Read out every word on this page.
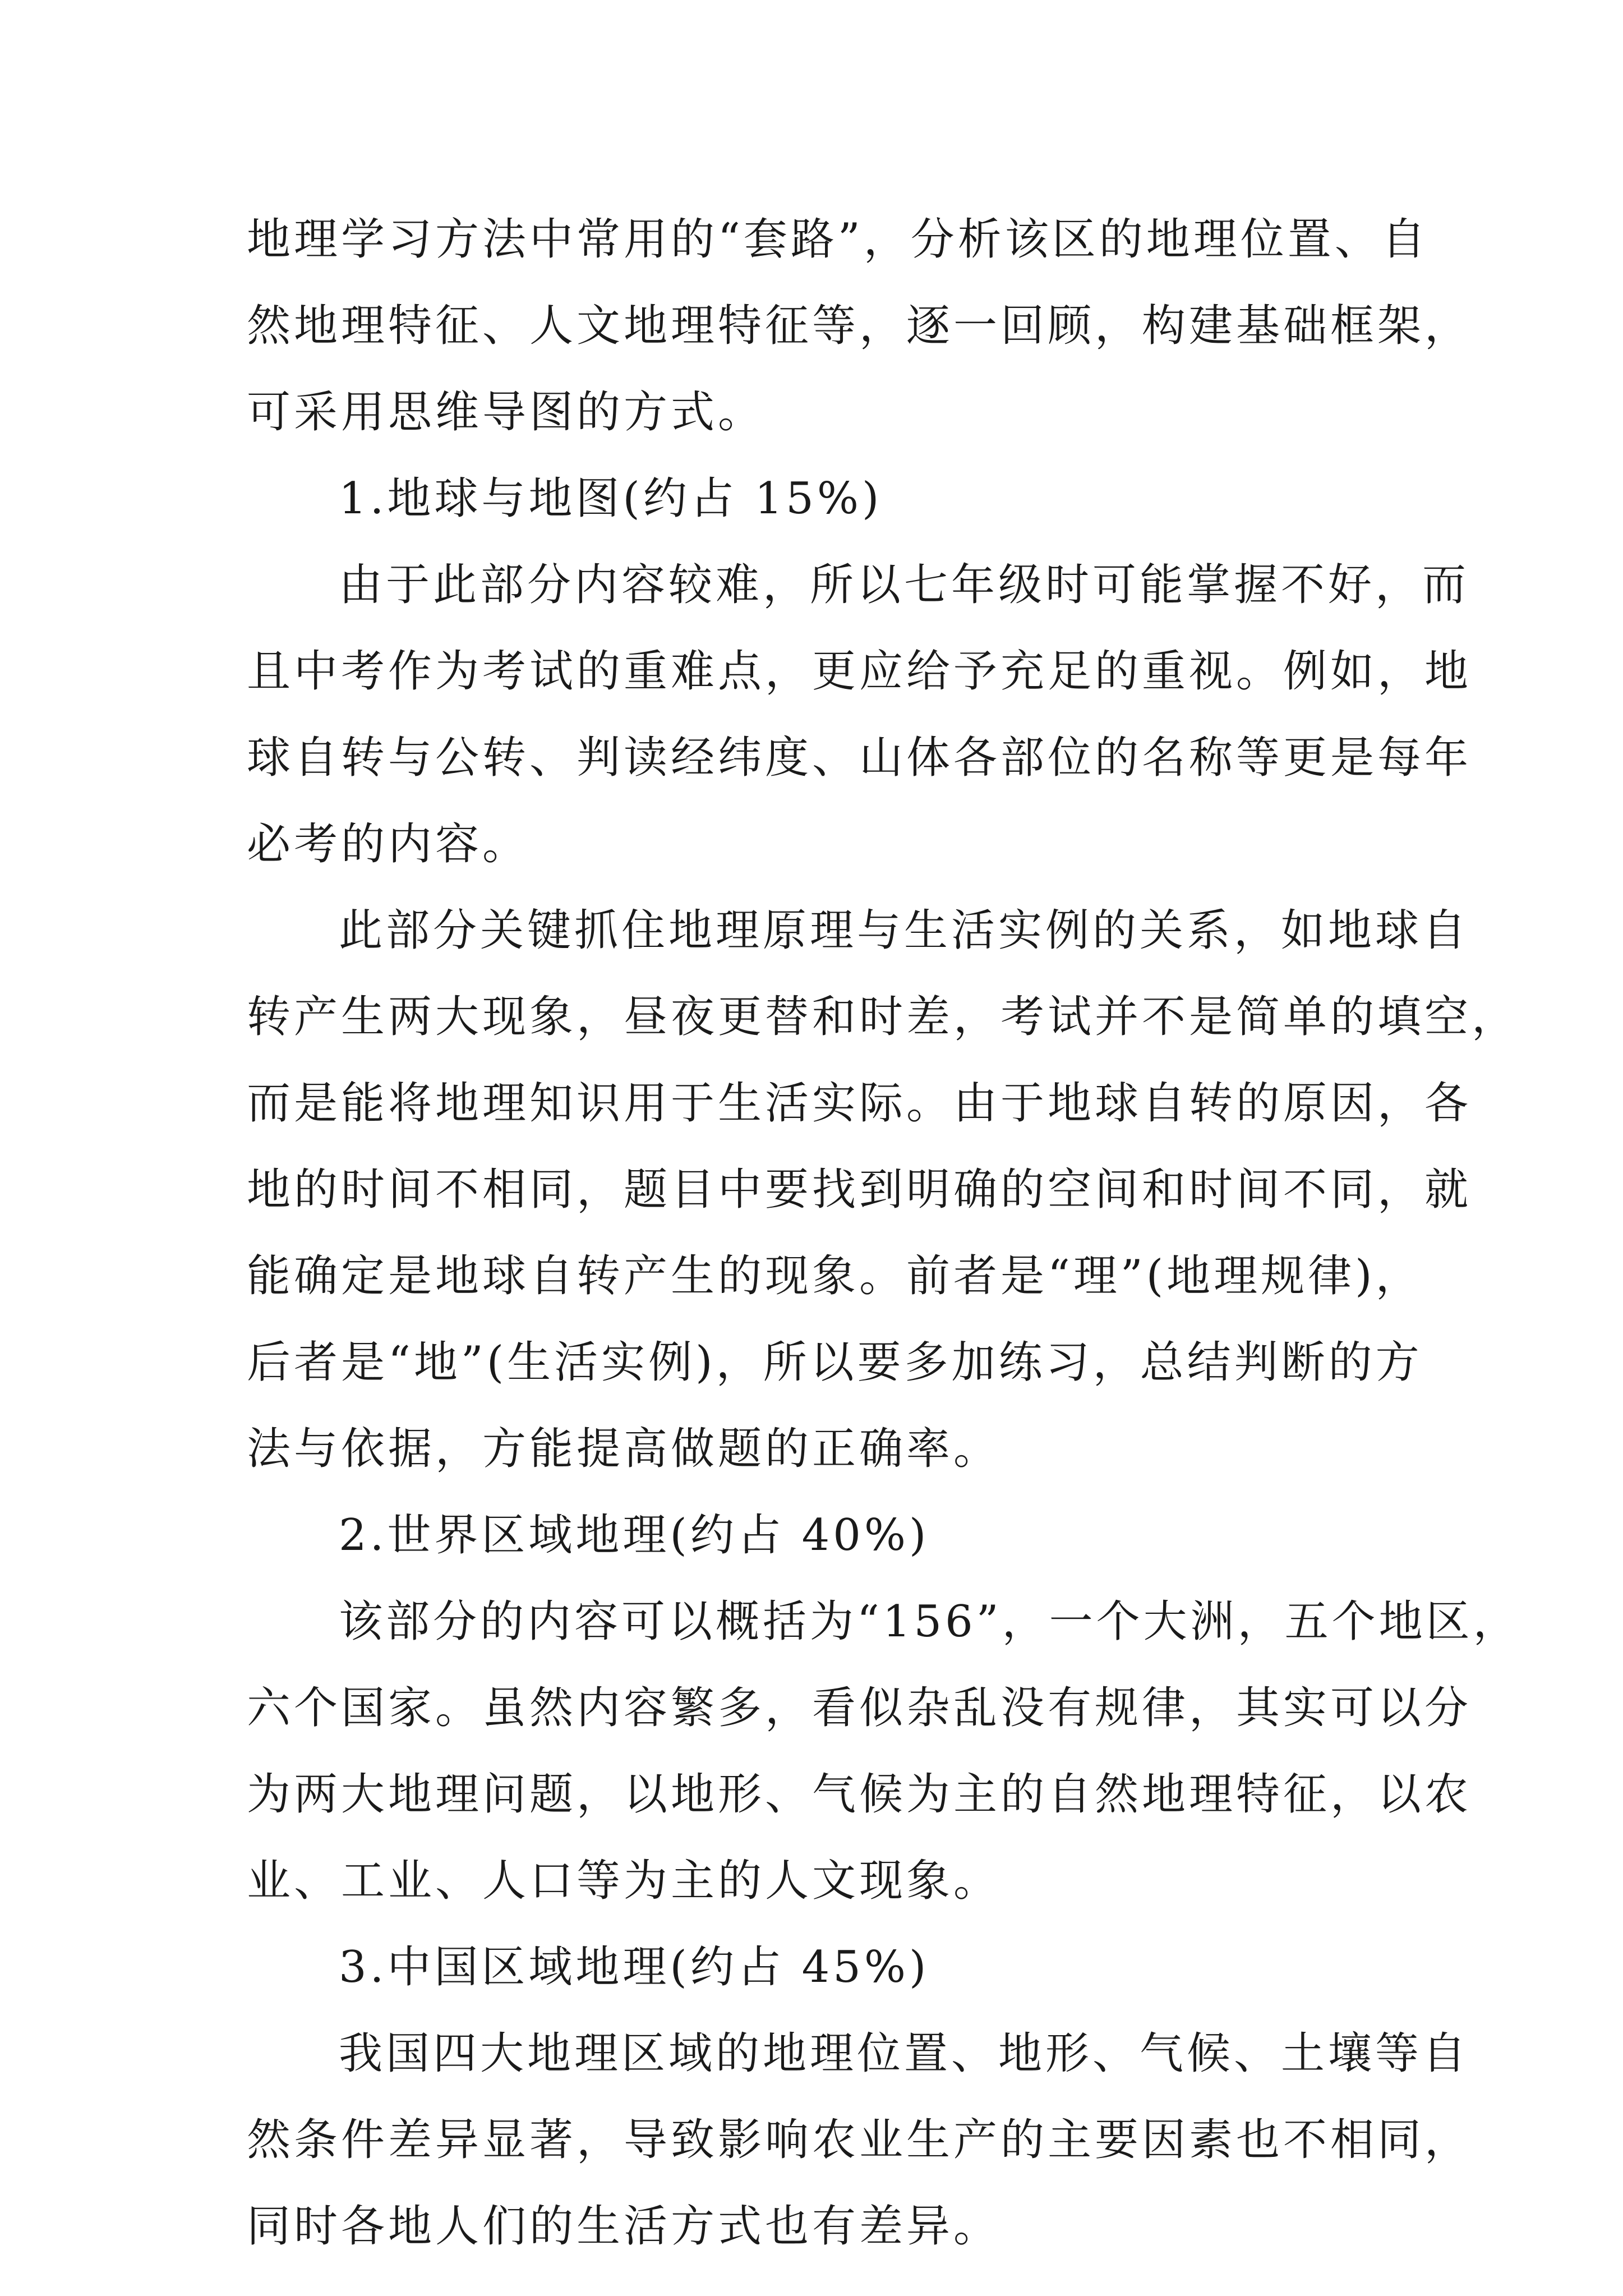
地理学习方法中常用的“套路”，分析该区的地理位置、自
然地理特征、人文地理特征等，逐一回顾，构建基础框架，
可采用思维导图的方式。
1.地球与地图(约占 15%)
由于此部分内容较难，所以七年级时可能掌握不好，而
且中考作为考试的重难点，更应给予充足的重视。例如，地
球自转与公转、判读经纬度、山体各部位的名称等更是每年
必考的内容。
此部分关键抓住地理原理与生活实例的关系，如地球自
转产生两大现象，昼夜更替和时差，考试并不是简单的填空，
而是能将地理知识用于生活实际。由于地球自转的原因，各
地的时间不相同，题目中要找到明确的空间和时间不同，就
能确定是地球自转产生的现象。前者是“理”(地理规律)，
后者是“地”(生活实例)，所以要多加练习，总结判断的方
法与依据，方能提高做题的正确率。
2.世界区域地理(约占 40%)
该部分的内容可以概括为“156”，一个大洲，五个地区，
六个国家。虽然内容繁多，看似杂乱没有规律，其实可以分
为两大地理问题，以地形、气候为主的自然地理特征，以农
业、工业、人口等为主的人文现象。
3.中国区域地理(约占 45%)
我国四大地理区域的地理位置、地形、气候、土壤等自
然条件差异显著，导致影响农业生产的主要因素也不相同，
同时各地人们的生活方式也有差异。
